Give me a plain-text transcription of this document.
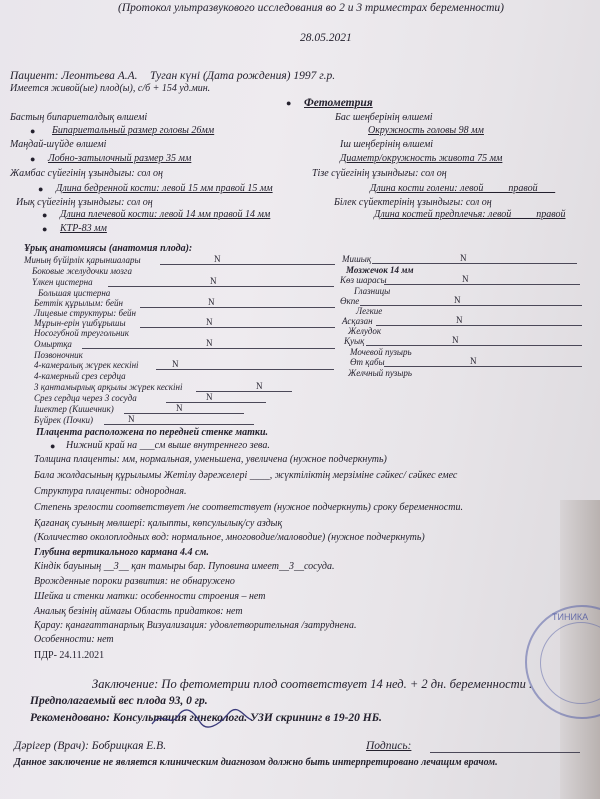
(Протокол ультразвукового исследования во 2 и 3 триместрах беременности)
28.05.2021
Пациент: Леонтьева А.А. Туган күні (Дата рождения) 1997 г.р.
Имеется живой(ые) плод(ы), с/б + 154 уд.мин.
● Фетометрия
Бастың бипариеталдық өлшемі	Бас шеңберінің өлшемі
● Бипариетальный размер головы 26мм	Окружность головы 98 мм
Маңдай-шүйде өлшемі	Іш шеңберінің өлшемі
● Лобно-затылочный размер 35 мм	Диаметр/окружность живота 75 мм
Жамбас сүйегінің ұзындығы: сол оң	Тізе сүйегінің ұзындығы: сол оң
● Длина бедренной кости: левой 15 мм правой 15 мм	Длина кости голени: левой ____ правой ___
Иық сүйегінің ұзындығы: сол оң	Білек сүйектерінің ұзындығы: сол оң
● Длина плечевой кости: левой 14 мм правой 14 мм	Длина костей предплечья: левой ____ правой
● КТР-83 мм
Ұрық анатомиясы (анатомия плода):
Миның бүйірлік қарыншалары	N
Боковые желудочки мозга
Үлкен цистерна	N
Большая цистерна
Беттік құрылым: бейн	N
Лицевые структуры: бейн
Мұрын-ерін үшбұрышы	N
Носогубной треугольник
Омыртқа	N
Позвоночник
4-камералық жүрек кескіні	N
4-камерный срез сердца
3 қантамырлық арқылы жүрек кескіні	N
Срез сердца через 3 сосуда	N
Ішектер (Кишечник)	N
Бүйрек (Почки)	N
Мишық	N
Мозжечок 14 мм
Көз шарасы	N
Глазницы
Өкпе	N
Легкие
Асқазан	N
Желудок
Қуық	N
Мочевой пузырь
Өт қабы	N
Желчный пузырь
Плацента расположена по передней стенке матки.
● Нижний край на ___см выше внутреннего зева.
Толщина плаценты: мм, нормальная, уменьшена, увеличена (нужное подчеркнуть)
Бала жолдасының құрылымы Жетілу дәрежелері ____, жүктіліктің мерзіміне сәйкес/ сәйкес емес
Структура плаценты: однородная.
Степень зрелости соответствует /не соответствует (нужное подчеркнуть) сроку беременности.
Қағанақ суының мөлшері: қалыпты, көпсулылық/су аздық
(Количество околоплодных вод: нормальное, многоводие/маловодие) (нужное подчеркнуть)
Глубина вертикального кармана 4.4 см.
Кіндік бауының __3__ қан тамыры бар. Пуповина имеет__3__сосуда.
Врожденные пороки развития: не обнаружено
Шейка и стенки матки: особенности строения – нет
Аналық безінің аймағы Область придатков: нет
Қарау: қанағаттанарлық Визуализация: удовлетворительная /затруднена.
Особенности: нет
ПДР- 24.11.2021
Заключение: По фетометрии плод соответствует 14 нед. + 2 дн. беременности .
Предполагаемый вес плода 93, 0 гр.
Рекомендовано: Консультация гинеколога. УЗИ скрининг в 19-20 НБ.
Дәрігер (Врач): Бобрицкая Е.В.	Подпись:
Данное заключение не является клиническим диагнозом должно быть интерпретировано лечащим врачом.
ТИНИКА
